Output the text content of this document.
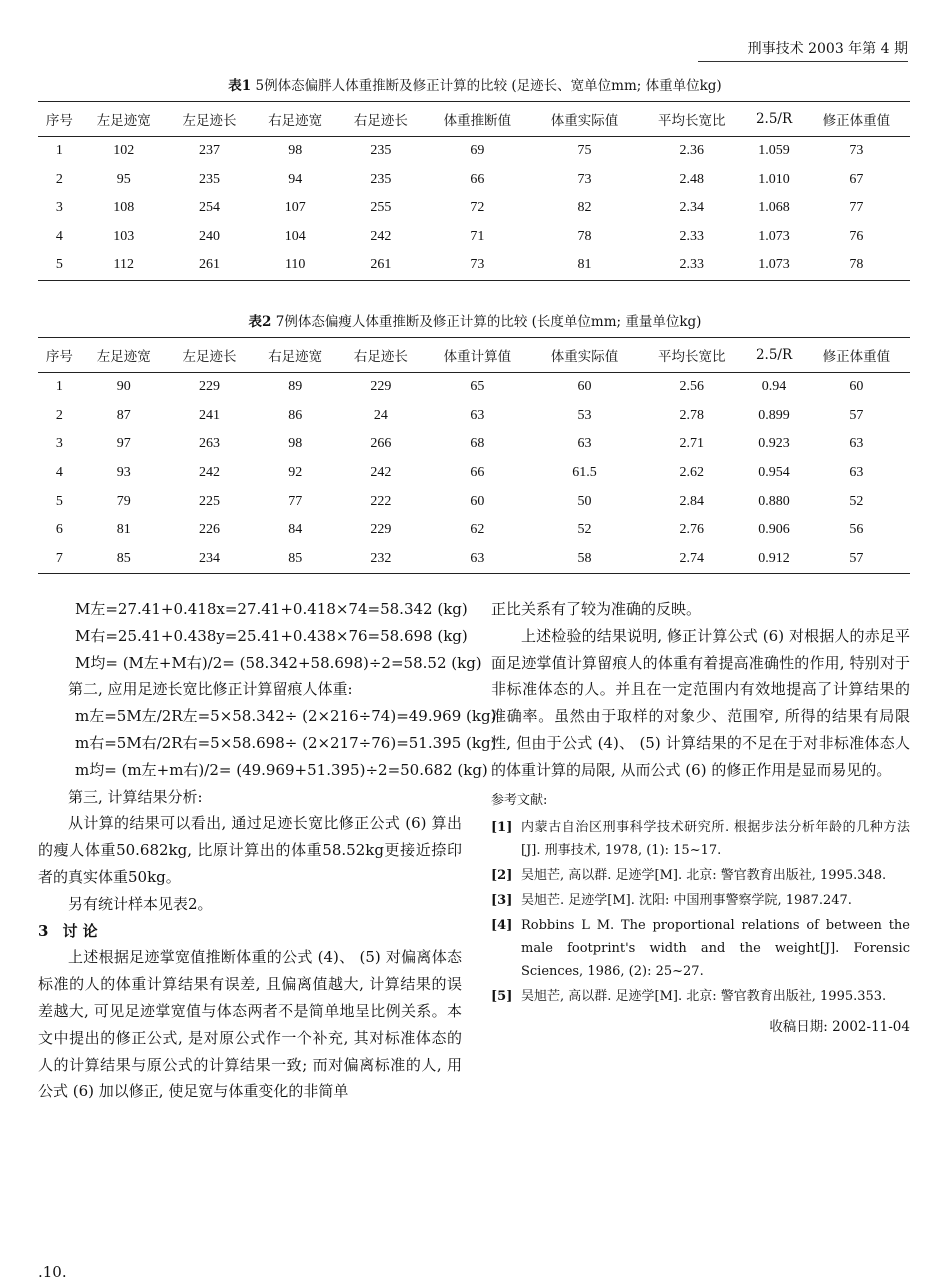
刑事技术 2003 年第 4 期
表1 5例体态偏胖人体重推断及修正计算的比较 (足迹长、宽单位mm; 体重单位kg)
序号	左足迹宽	左足迹长	右足迹宽	右足迹长	体重推断值	体重实际值	平均长宽比	2.5/R	修正体重值
1	102	237	98	235	69	75	2.36	1.059	73
2	95	235	94	235	66	73	2.48	1.010	67
3	108	254	107	255	72	82	2.34	1.068	77
4	103	240	104	242	71	78	2.33	1.073	76
5	112	261	110	261	73	81	2.33	1.073	78
表2 7例体态偏瘦人体重推断及修正计算的比较 (长度单位mm; 重量单位kg)
序号	左足迹宽	左足迹长	右足迹宽	右足迹长	体重计算值	体重实际值	平均长宽比	2.5/R	修正体重值
1	90	229	89	229	65	60	2.56	0.94	60
2	87	241	86	24	63	53	2.78	0.899	57
3	97	263	98	266	68	63	2.71	0.923	63
4	93	242	92	242	66	61.5	2.62	0.954	63
5	79	225	77	222	60	50	2.84	0.880	52
6	81	226	84	229	62	52	2.76	0.906	56
7	85	234	85	232	63	58	2.74	0.912	57

M左=27.41+0.418x=27.41+0.418×74=58.342 (kg)

M右=25.41+0.438y=25.41+0.438×76=58.698 (kg)

M均= (M左+M右)/2= (58.342+58.698)÷2=58.52 (kg)

第二, 应用足迹长宽比修正计算留痕人体重:

m左=5M左/2R左=5×58.342÷ (2×216÷74)=49.969 (kg)

m右=5M右/2R右=5×58.698÷ (2×217÷76)=51.395 (kg)

m均= (m左+m右)/2= (49.969+51.395)÷2=50.682 (kg)

第三, 计算结果分析:

从计算的结果可以看出, 通过足迹长宽比修正公式 (6) 算出的瘦人体重50.682kg, 比原计算出的体重58.52kg更接近捺印者的真实体重50kg。

另有统计样本见表2。

3 讨 论

上述根据足迹掌宽值推断体重的公式 (4)、 (5) 对偏离体态标准的人的体重计算结果有误差, 且偏离值越大, 计算结果的误差越大, 可见足迹掌宽值与体态两者不是简单地呈比例关系。本文中提出的修正公式, 是对原公式作一个补充, 其对标准体态的人的计算结果与原公式的计算结果一致; 而对偏离标准的人, 用公式 (6) 加以修正, 使足宽与体重变化的非简单

正比关系有了较为准确的反映。

上述检验的结果说明, 修正计算公式 (6) 对根据人的赤足平面足迹掌值计算留痕人的体重有着提高准确性的作用, 特别对于非标准体态的人。并且在一定范围内有效地提高了计算结果的准确率。虽然由于取样的对象少、范围窄, 所得的结果有局限性, 但由于公式 (4)、 (5) 计算结果的不足在于对非标准体态人的体重计算的局限, 从而公式 (6) 的修正作用是显而易见的。

参考文献:
[1] 内蒙古自治区刑事科学技术研究所. 根据步法分析年龄的几种方法[J]. 刑事技术, 1978, (1): 15~17.
[2] 吴旭芒, 高以群. 足迹学[M]. 北京: 警官教育出版社, 1995.348.
[3] 吴旭芒. 足迹学[M]. 沈阳: 中国刑事警察学院, 1987.247.
[4] Robbins L M. The proportional relations of between the male footprint's width and the weight[J]. Forensic Sciences, 1986, (2): 25~27.
[5] 吴旭芒, 高以群. 足迹学[M]. 北京: 警官教育出版社, 1995.353.
收稿日期: 2002-11-04
.10.
